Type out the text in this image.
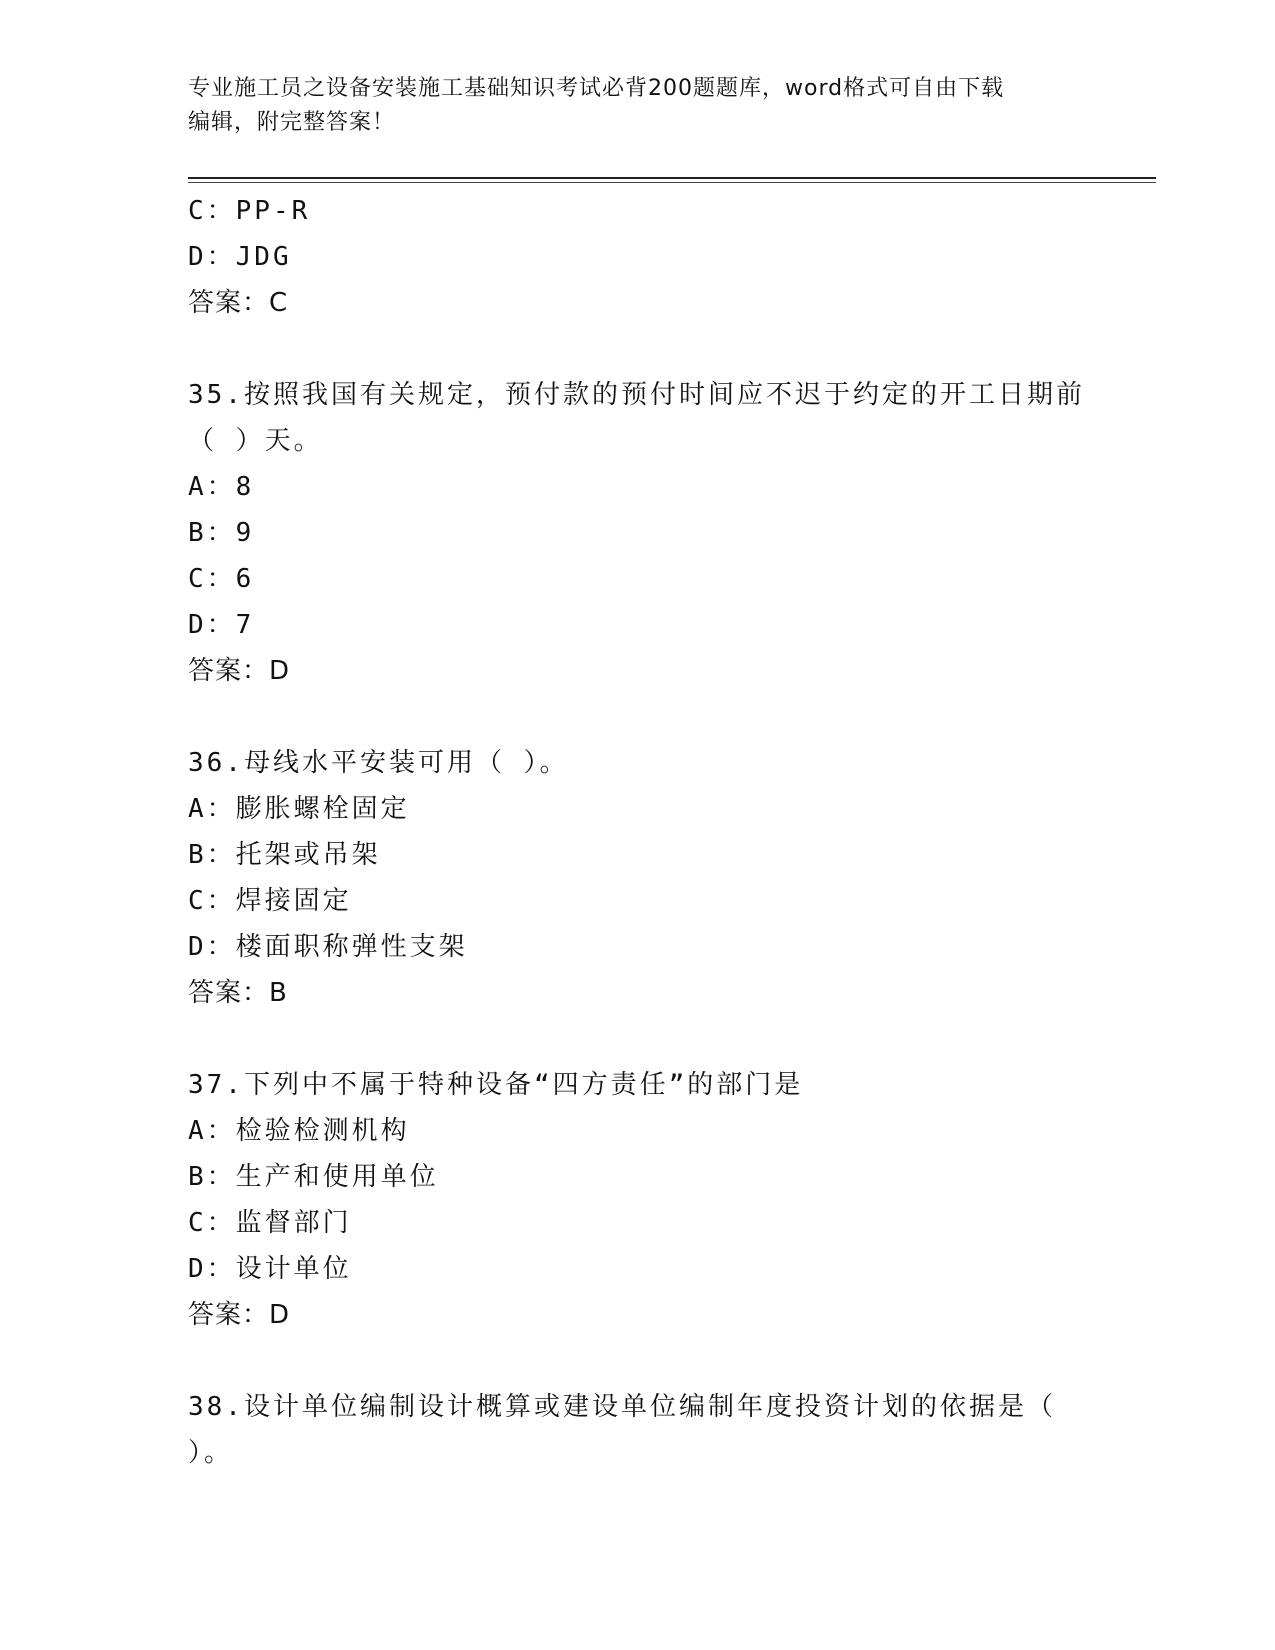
专业施工员之设备安装施工基础知识考试必背200题题库，word格式可自由下载
编辑，附完整答案！
C：PP-R
D：JDG
答案：C
35.按照我国有关规定，预付款的预付时间应不迟于约定的开工日期前
（ ）天。
A：8
B：9
C：6
D：7
答案：D
36.母线水平安装可用（ ）。
A：膨胀螺栓固定
B：托架或吊架
C：焊接固定
D：楼面职称弹性支架
答案：B
37.下列中不属于特种设备“四方责任”的部门是
A：检验检测机构
B：生产和使用单位
C：监督部门
D：设计单位
答案：D
38.设计单位编制设计概算或建设单位编制年度投资计划的依据是（
）。
